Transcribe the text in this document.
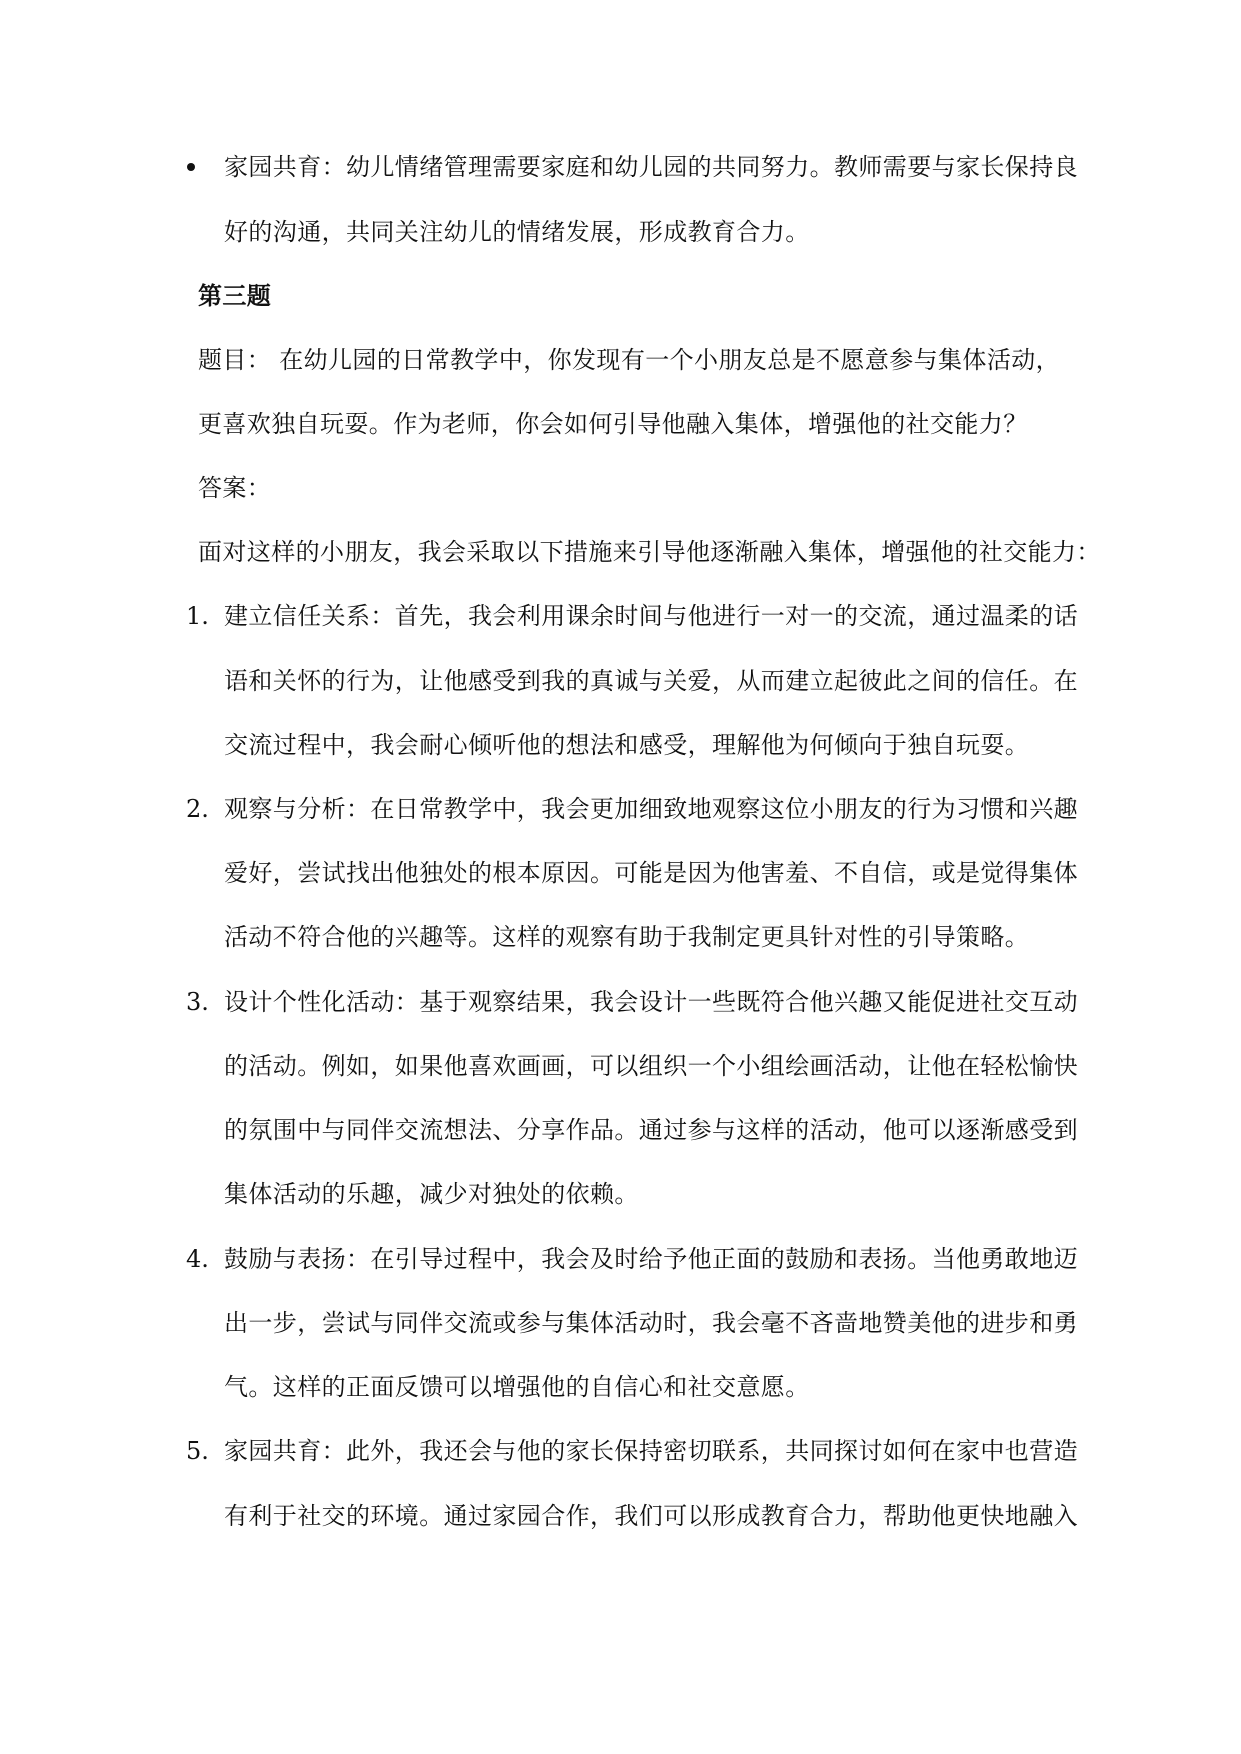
家园共育：幼儿情绪管理需要家庭和幼儿园的共同努力。教师需要与家长保持良
好的沟通，共同关注幼儿的情绪发展，形成教育合力。
第三题
题目： 在幼儿园的日常教学中，你发现有一个小朋友总是不愿意参与集体活动，
更喜欢独自玩耍。作为老师，你会如何引导他融入集体，增强他的社交能力？
答案：
面对这样的小朋友，我会采取以下措施来引导他逐渐融入集体，增强他的社交能力：
1. 建立信任关系：首先，我会利用课余时间与他进行一对一的交流，通过温柔的话
语和关怀的行为，让他感受到我的真诚与关爱，从而建立起彼此之间的信任。在
交流过程中，我会耐心倾听他的想法和感受，理解他为何倾向于独自玩耍。
2. 观察与分析：在日常教学中，我会更加细致地观察这位小朋友的行为习惯和兴趣
爱好，尝试找出他独处的根本原因。可能是因为他害羞、不自信，或是觉得集体
活动不符合他的兴趣等。这样的观察有助于我制定更具针对性的引导策略。
3. 设计个性化活动：基于观察结果，我会设计一些既符合他兴趣又能促进社交互动
的活动。例如，如果他喜欢画画，可以组织一个小组绘画活动，让他在轻松愉快
的氛围中与同伴交流想法、分享作品。通过参与这样的活动，他可以逐渐感受到
集体活动的乐趣，减少对独处的依赖。
4. 鼓励与表扬：在引导过程中，我会及时给予他正面的鼓励和表扬。当他勇敢地迈
出一步，尝试与同伴交流或参与集体活动时，我会毫不吝啬地赞美他的进步和勇
气。这样的正面反馈可以增强他的自信心和社交意愿。
5. 家园共育：此外，我还会与他的家长保持密切联系，共同探讨如何在家中也营造
有利于社交的环境。通过家园合作，我们可以形成教育合力，帮助他更快地融入
